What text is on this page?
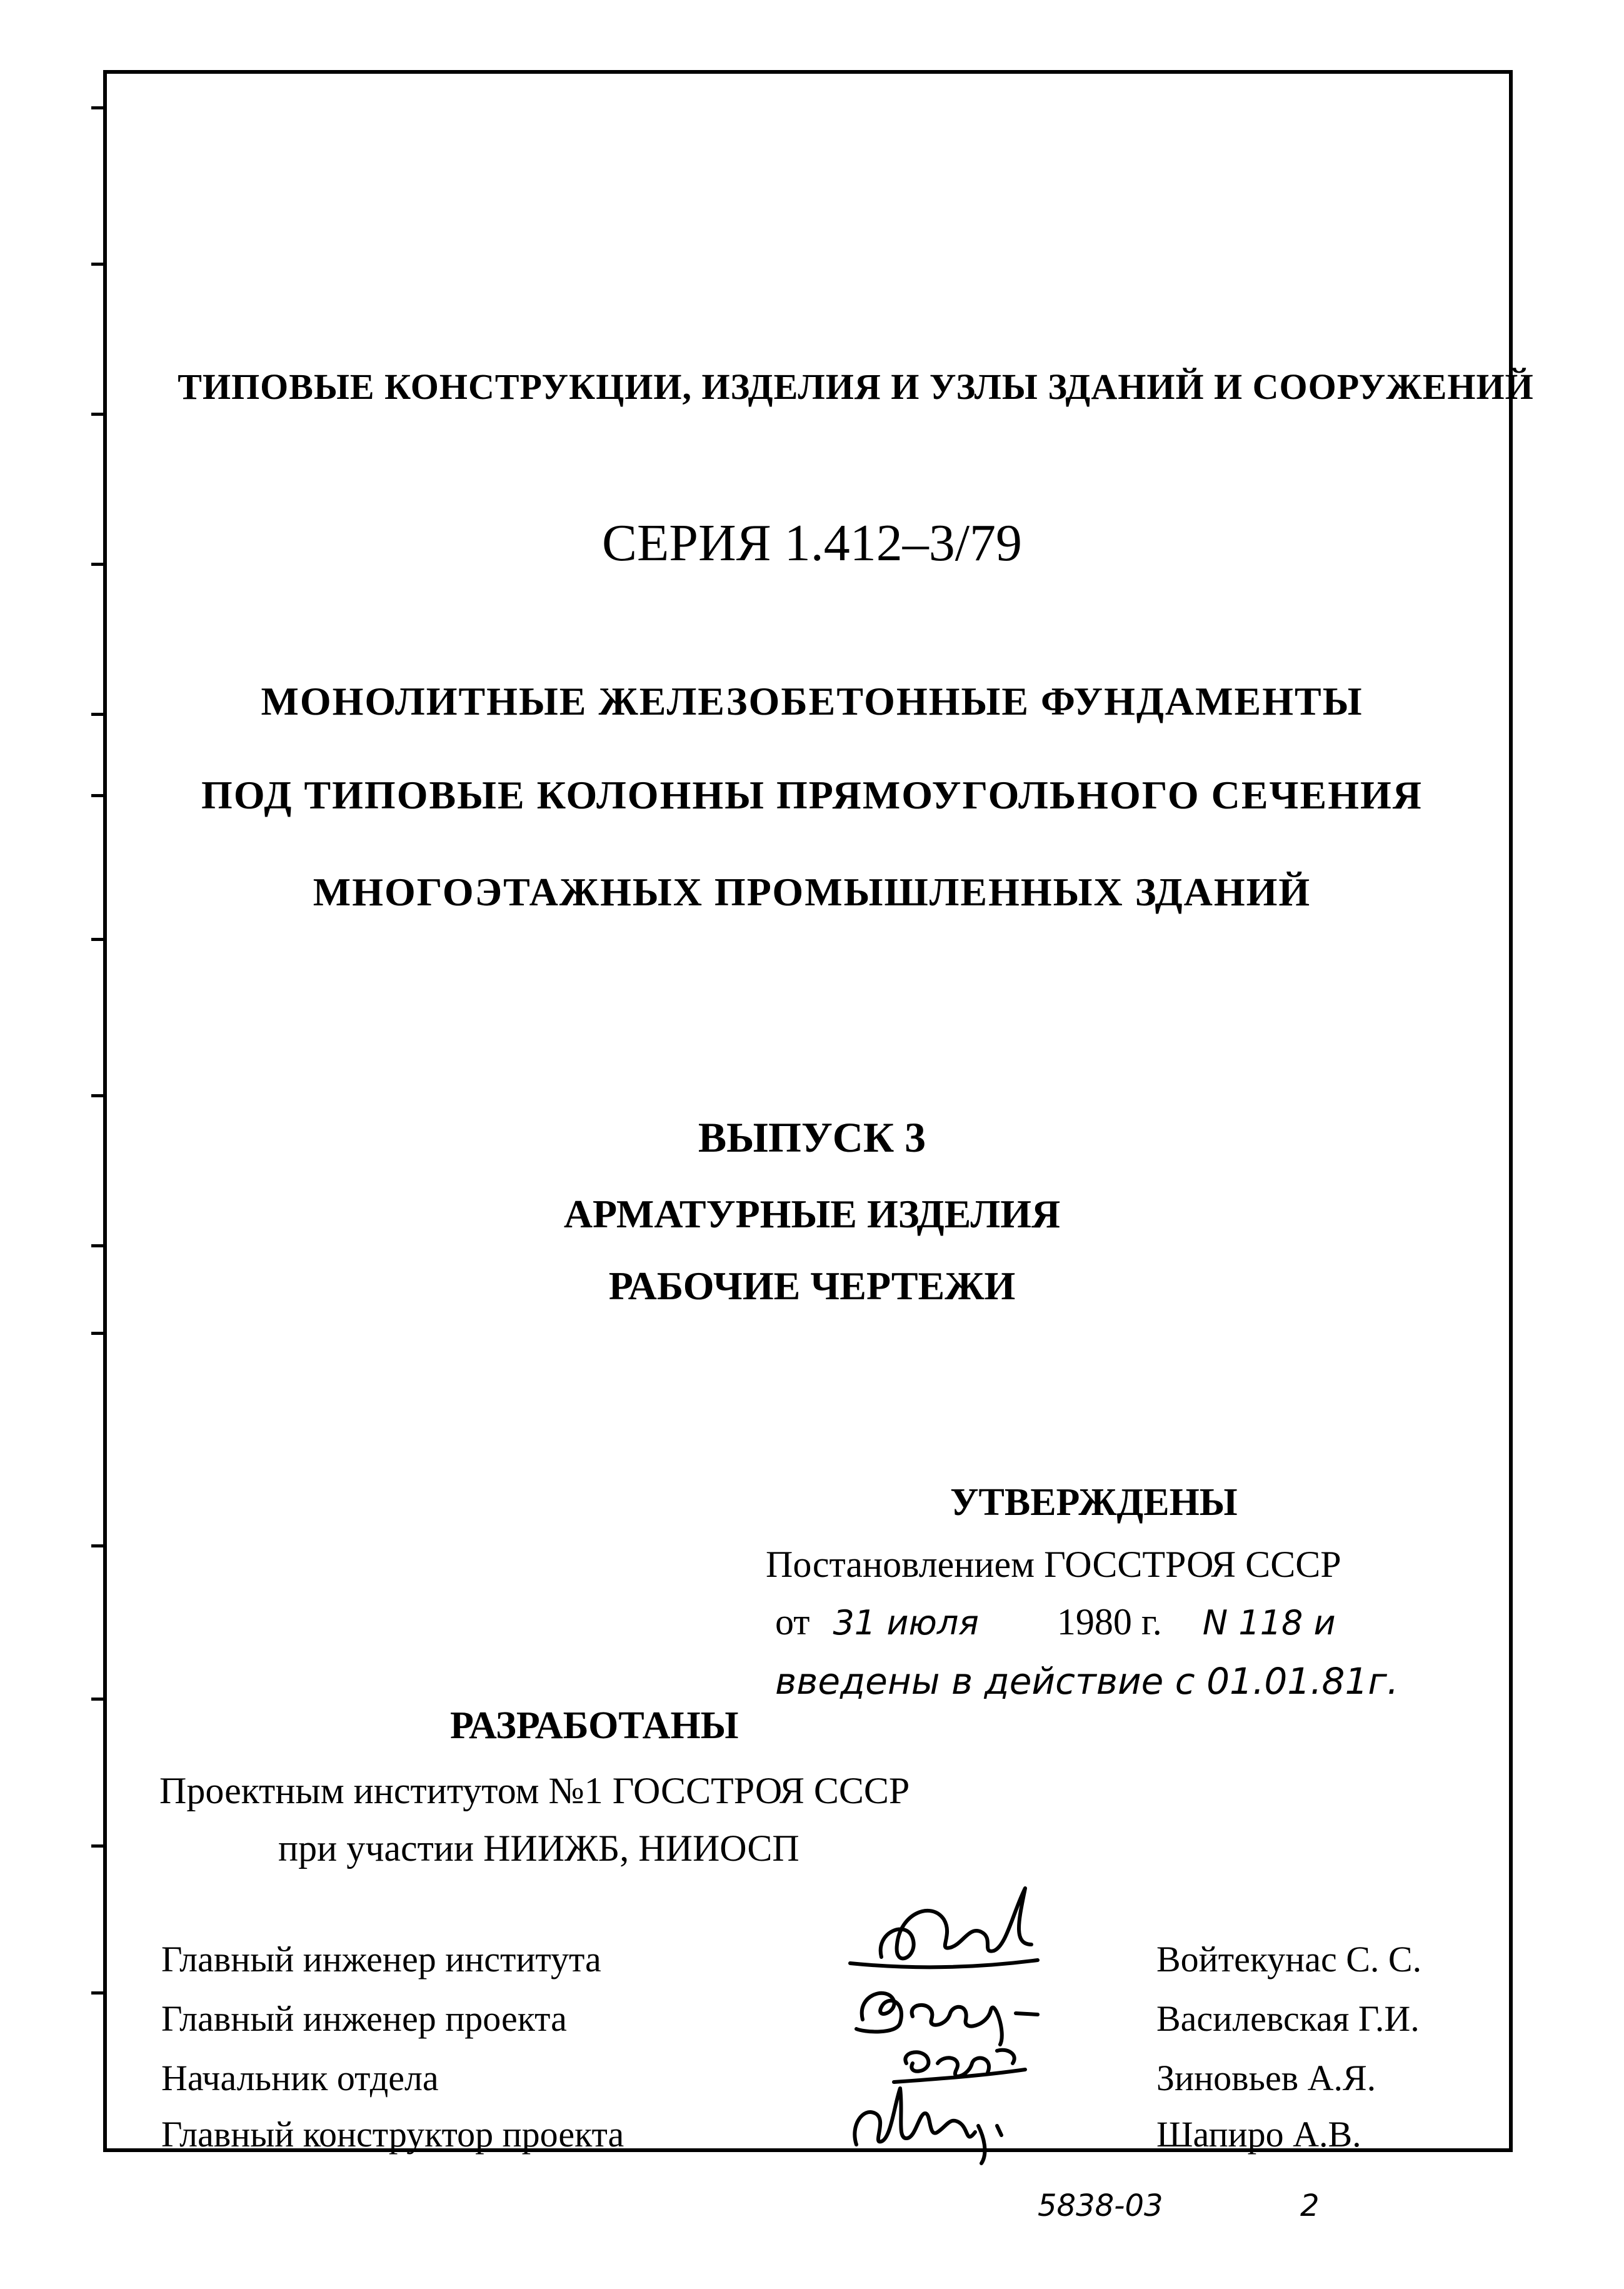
ТИПОВЫЕ КОНСТРУКЦИИ, ИЗДЕЛИЯ И УЗЛЫ ЗДАНИЙ И СООРУЖЕНИЙ
СЕРИЯ 1.412–3/79
МОНОЛИТНЫЕ ЖЕЛЕЗОБЕТОННЫЕ ФУНДАМЕНТЫ
ПОД ТИПОВЫЕ КОЛОННЫ ПРЯМОУГОЛЬНОГО СЕЧЕНИЯ
МНОГОЭТАЖНЫХ ПРОМЫШЛЕННЫХ ЗДАНИЙ
ВЫПУСК 3
АРМАТУРНЫЕ ИЗДЕЛИЯ
РАБОЧИЕ ЧЕРТЕЖИ
УТВЕРЖДЕНЫ
Постановлением ГОССТРОЯ СССР
от 31 июля 1980 г. N 118 и
введены в действие с 01.01.81г.
РАЗРАБОТАНЫ
Проектным институтом №1 ГОССТРОЯ СССР
при участии НИИЖБ, НИИОСП
Главный инженер института
Главный инженер проекта
Начальник отдела
Главный конструктор проекта
Войтекунас С. С.
Василевская Г.И.
Зиновьев А.Я.
Шапиро А.В.
5838-03	2
